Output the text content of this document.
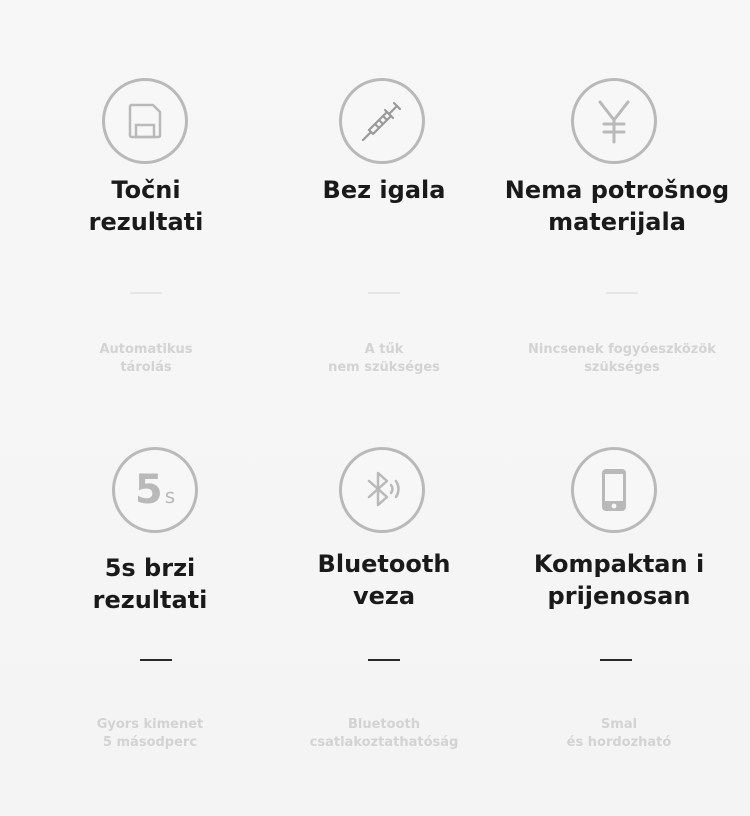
Točni
rezultati
Automatikus
tárolás
Bez igala
A tűk
nem szükséges
Nema potrošnog
materijala
Nincsenek fogyóeszközök
szükséges
5 s
5s brzi
rezultati
Gyors kimenet
5 másodperc
Bluetooth
veza
Bluetooth
csatlakoztathatóság
Kompaktan i
prijenosan
Smal
és hordozható
